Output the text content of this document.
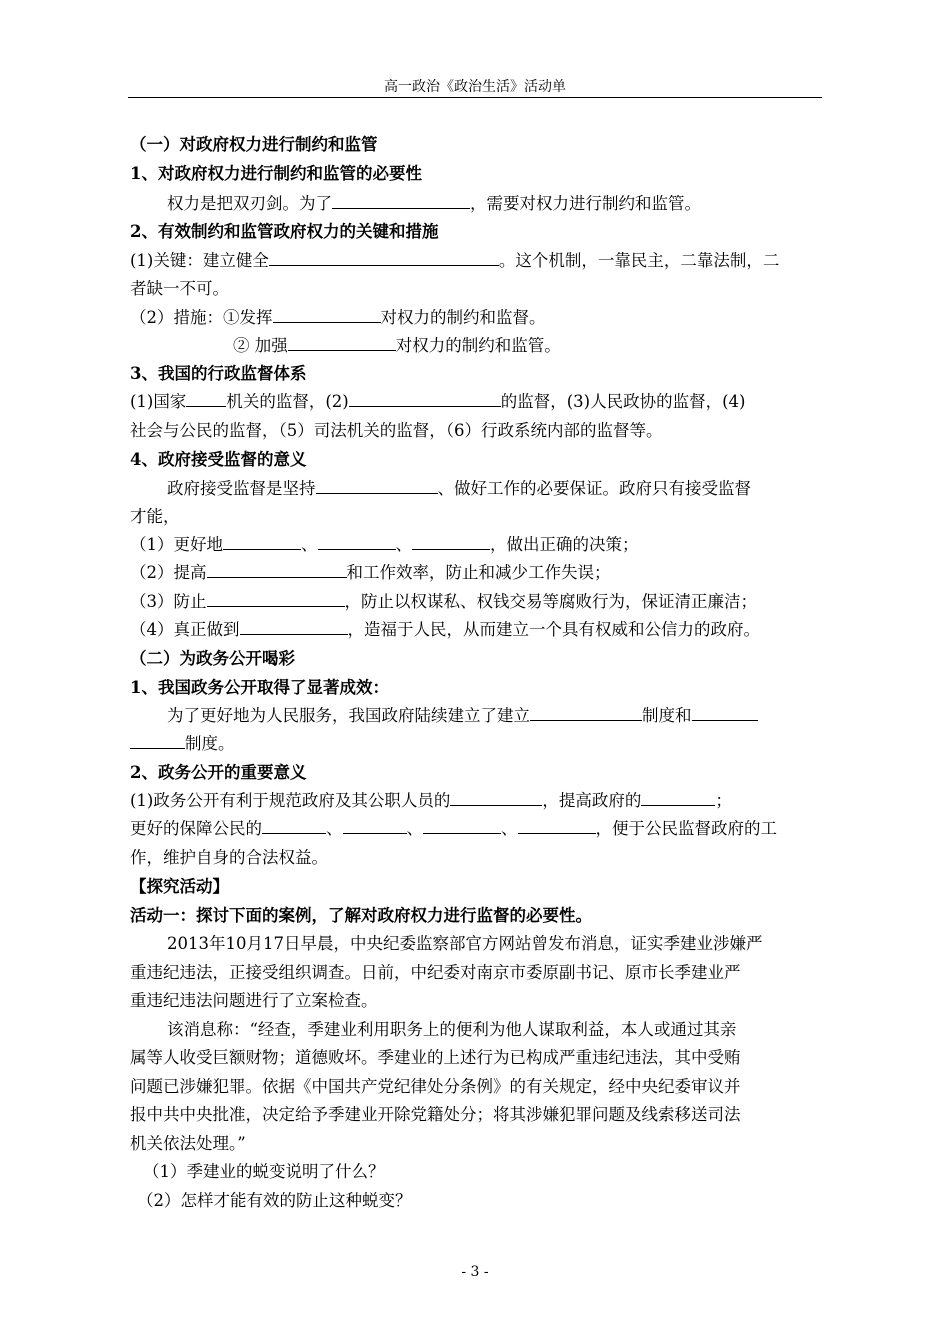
高一政治《政治生活》活动单
（一）对政府权力进行制约和监管
1、对政府权力进行制约和监管的必要性
权力是把双刃剑。为了	，需要对权力进行制约和监管。
2、有效制约和监管政府权力的关键和措施
(1)关键：建立健全	。这个机制，一靠民主，二靠法制，二
者缺一不可。
（2）措施：①发挥	对权力的制约和监督。
② 加强	对权力的制约和监管。
3、我国的行政监督体系
(1)国家 机关的监督，(2)	的监督，(3)人民政协的监督，(4)
社会与公民的监督，（5）司法机关的监督，（6）行政系统内部的监督等。
4、政府接受监督的意义
政府接受监督是坚持	、做好工作的必要保证。政府只有接受监督
才能，
（1）更好地	、	、	，做出正确的决策；
（2）提高	和工作效率，防止和减少工作失误；
（3）防止	，防止以权谋私、权钱交易等腐败行为，保证清正廉洁；
（4）真正做到	，造福于人民，从而建立一个具有权威和公信力的政府。
（二）为政务公开喝彩
1、我国政务公开取得了显著成效：
为了更好地为人民服务，我国政府陆续建立了建立	制度和
制度。
2、政务公开的重要意义
(1)政务公开有利于规范政府及其公职人员的	，提高政府的	；
更好的保障公民的	、	、	、	，便于公民监督政府的工
作，维护自身的合法权益。
【探究活动】
活动一：探讨下面的案例，了解对政府权力进行监督的必要性。
2013年10月17日早晨，中央纪委监察部官方网站曾发布消息，证实季建业涉嫌严
重违纪违法，正接受组织调查。日前，中纪委对南京市委原副书记、原市长季建业严
重违纪违法问题进行了立案检查。
该消息称：“经查，季建业利用职务上的便利为他人谋取利益，本人或通过其亲
属等人收受巨额财物；道德败坏。季建业的上述行为已构成严重违纪违法，其中受贿
问题已涉嫌犯罪。依据《中国共产党纪律处分条例》的有关规定，经中央纪委审议并
报中共中央批准，决定给予季建业开除党籍处分；将其涉嫌犯罪问题及线索移送司法
机关依法处理。”
（1）季建业的蜕变说明了什么？
（2）怎样才能有效的防止这种蜕变？
- 3 -
